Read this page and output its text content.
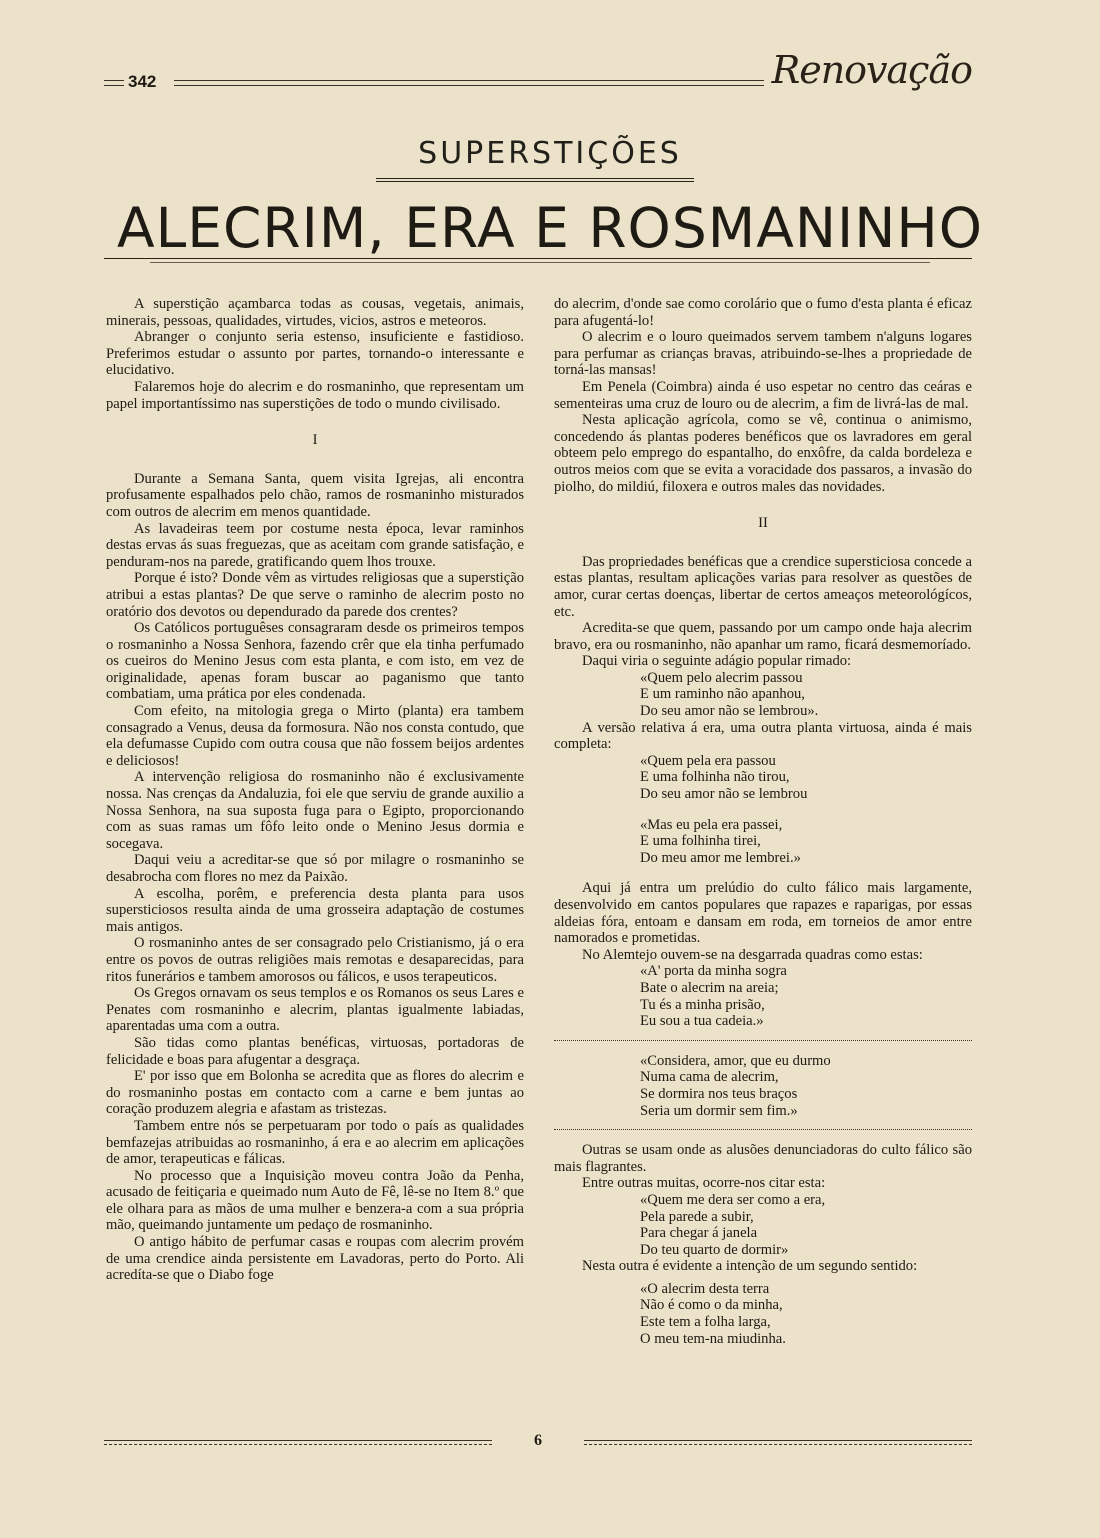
342	Renovação
SUPERSTIÇÕES
ALECRIM, ERA E ROSMANINHO

A superstição açambarca todas as cousas, vegetais, animais, minerais, pessoas, qualidades, virtudes, vicios, astros e meteoros.

Abranger o conjunto seria estenso, insuficiente e fastidioso. Preferimos estudar o assunto por partes, tornando-o interessante e elucidativo.

Falaremos hoje do alecrim e do rosmaninho, que representam um papel importantíssimo nas superstições de todo o mundo civilisado.

I

Durante a Semana Santa, quem visita Igrejas, ali encontra profusamente espalhados pelo chão, ramos de rosmaninho misturados com outros de alecrim em menos quantidade.

As lavadeiras teem por costume nesta época, levar raminhos destas ervas ás suas freguezas, que as aceitam com grande satisfação, e penduram-nos na parede, gratificando quem lhos trouxe.

Porque é isto? Donde vêm as virtudes religiosas que a superstição atribui a estas plantas? De que serve o raminho de alecrim posto no oratório dos devotos ou dependurado da parede dos crentes?

Os Católicos portuguêses consagraram desde os primeiros tempos o rosmaninho a Nossa Senhora, fazendo crêr que ela tinha perfumado os cueiros do Menino Jesus com esta planta, e com isto, em vez de originalidade, apenas foram buscar ao paganismo que tanto combatiam, uma prática por eles condenada.

Com efeito, na mitologia grega o Mirto (planta) era tambem consagrado a Venus, deusa da formosura. Não nos consta contudo, que ela defumasse Cupido com outra cousa que não fossem beijos ardentes e deliciosos!

A intervenção religiosa do rosmaninho não é exclusivamente nossa. Nas crenças da Andaluzia, foi ele que serviu de grande auxilio a Nossa Senhora, na sua suposta fuga para o Egipto, proporcionando com as suas ramas um fôfo leito onde o Menino Jesus dormia e socegava.

Daqui veiu a acreditar-se que só por milagre o rosmaninho se desabrocha com flores no mez da Paixão.

A escolha, porêm, e preferencia desta planta para usos supersticiosos resulta ainda de uma grosseira adaptação de costumes mais antigos.

O rosmaninho antes de ser consagrado pelo Cristianismo, já o era entre os povos de outras religiões mais remotas e desaparecidas, para ritos funerários e tambem amorosos ou fálicos, e usos terapeuticos.

Os Gregos ornavam os seus templos e os Romanos os seus Lares e Penates com rosmaninho e alecrim, plantas igualmente labiadas, aparentadas uma com a outra.

São tidas como plantas benéficas, virtuosas, portadoras de felicidade e boas para afugentar a desgraça.

E' por isso que em Bolonha se acredita que as flores do alecrim e do rosmaninho postas em contacto com a carne e bem juntas ao coração produzem alegria e afastam as tristezas.

Tambem entre nós se perpetuaram por todo o país as qualidades bemfazejas atribuidas ao rosmaninho, á era e ao alecrim em aplicações de amor, terapeuticas e fálicas.

No processo que a Inquisição moveu contra João da Penha, acusado de feitiçaria e queimado num Auto de Fê, lê-se no Item 8.º que ele olhara para as mãos de uma mulher e benzera-a com a sua própria mão, queimando juntamente um pedaço de rosmaninho.

O antigo hábito de perfumar casas e roupas com alecrim provém de uma crendice ainda persistente em Lavadoras, perto do Porto. Ali acredíta-se que o Diabo foge

do alecrim, d'onde sae como corolário que o fumo d'esta planta é eficaz para afugentá-lo!

O alecrim e o louro queimados servem tambem n'alguns logares para perfumar as crianças bravas, atribuindo-se-lhes a propriedade de torná-las mansas!

Em Penela (Coimbra) ainda é uso espetar no centro das ceáras e sementeiras uma cruz de louro ou de alecrim, a fim de livrá-las de mal.

Nesta aplicação agrícola, como se vê, continua o animismo, concedendo ás plantas poderes benéficos que os lavradores em geral obteem pelo emprego do espantalho, do enxôfre, da calda bordeleza e outros meios com que se evita a voracidade dos passaros, a invasão do piolho, do mildiú, filoxera e outros males das novidades.

II

Das propriedades benéficas que a crendice supersticiosa concede a estas plantas, resultam aplicações varias para resolver as questões de amor, curar certas doenças, libertar de certos ameaços meteorológícos, etc.

Acredita-se que quem, passando por um campo onde haja alecrim bravo, era ou rosmaninho, não apanhar um ramo, ficará desmemoríado.

Daqui viria o seguinte adágio popular rimado:

«Quem pelo alecrim passou
E um raminho não apanhou,
Do seu amor não se lembrou».

A versão relativa á era, uma outra planta virtuosa, ainda é mais completa:

«Quem pela era passou
E uma folhinha não tirou,
Do seu amor não se lembrou
«Mas eu pela era passei,
E uma folhinha tirei,
Do meu amor me lembrei.»

Aqui já entra um prelúdio do culto fálico mais largamente, desenvolvido em cantos populares que rapazes e raparigas, por essas aldeias fóra, entoam e dansam em roda, em torneios de amor entre namorados e prometidas.

No Alemtejo ouvem-se na desgarrada quadras como estas:

«A' porta da minha sogra
Bate o alecrim na areia;
Tu és a minha prisão,
Eu sou a tua cadeia.»
«Considera, amor, que eu durmo
Numa cama de alecrim,
Se dormira nos teus braços
Seria um dormir sem fim.»

Outras se usam onde as alusões denunciadoras do culto fálico são mais flagrantes.

Entre outras muitas, ocorre-nos citar esta:

«Quem me dera ser como a era,
Pela parede a subir,
Para chegar á janela
Do teu quarto de dormir»

Nesta outra é evidente a intenção de um segundo sentido:

«O alecrim desta terra
Não é como o da minha,
Este tem a folha larga,
O meu tem-na miudinha.
6
